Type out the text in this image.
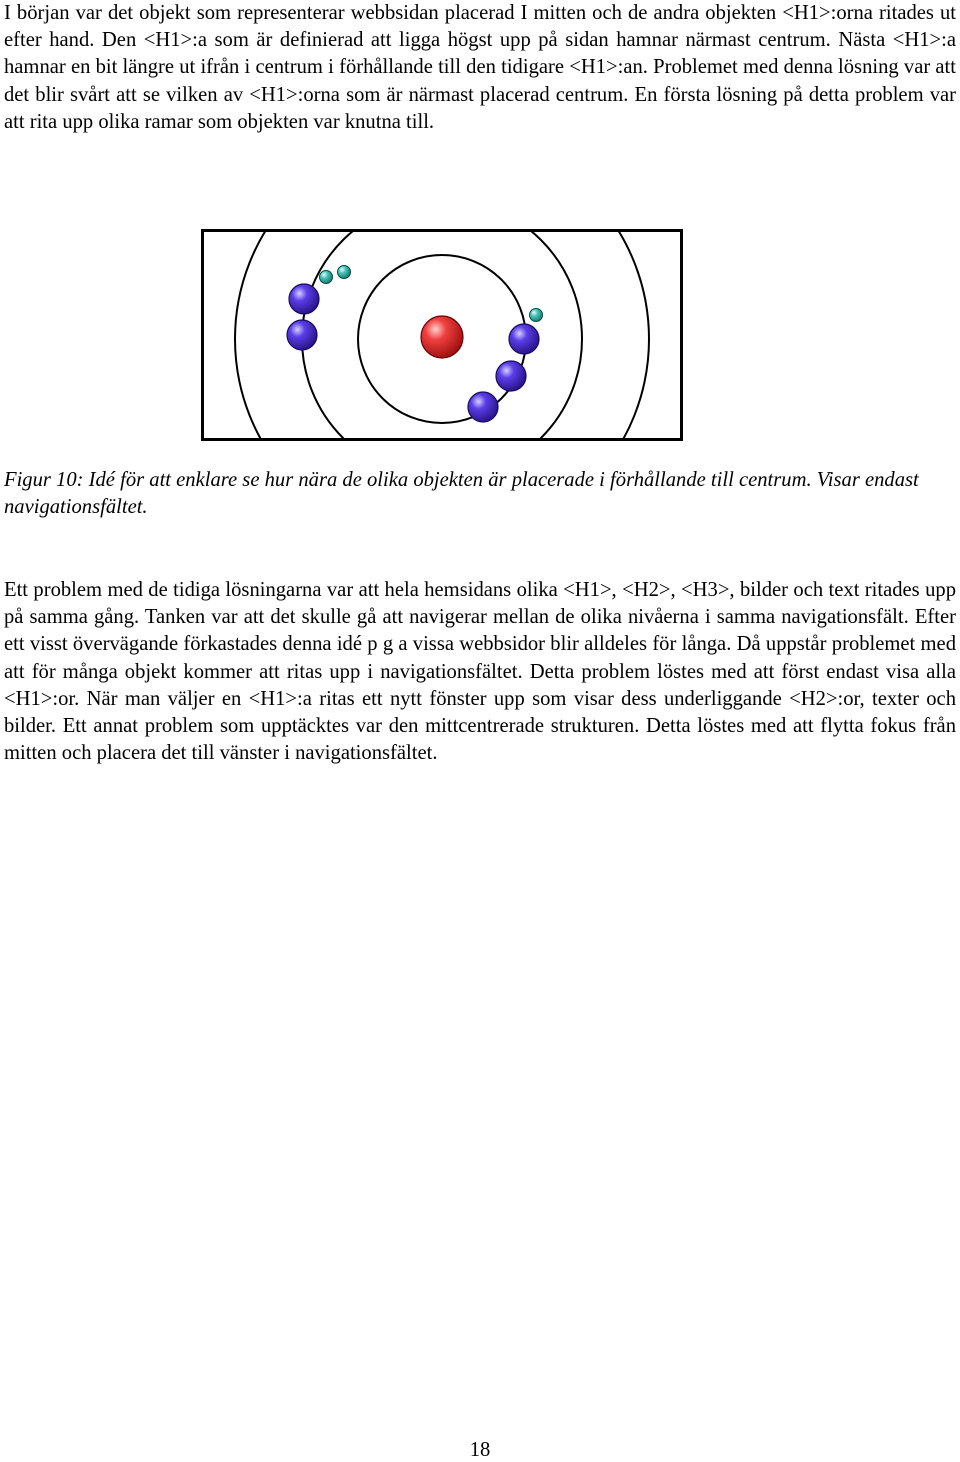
I början var det objekt som representerar webbsidan placerad I mitten och de andra objekten <H1>:orna ritades ut efter hand. Den <H1>:a som är definierad att ligga högst upp på sidan hamnar närmast centrum. Nästa <H1>:a hamnar en bit längre ut ifrån i centrum i förhållande till den tidigare <H1>:an. Problemet med denna lösning var att det blir svårt att se vilken av <H1>:orna som är närmast placerad centrum. En första lösning på detta problem var att rita upp olika ramar som objekten var knutna till.

Figur 10: Idé för att enklare se hur nära de olika objekten är placerade i förhållande till centrum. Visar endast navigationsfältet.

Ett problem med de tidiga lösningarna var att hela hemsidans olika <H1>, <H2>, <H3>, bilder och text ritades upp på samma gång. Tanken var att det skulle gå att navigerar mellan de olika nivåerna i samma navigationsfält. Efter ett visst övervägande förkastades denna idé p g a vissa webbsidor blir alldeles för långa. Då uppstår problemet med att för många objekt kommer att ritas upp i navigationsfältet. Detta problem löstes med att först endast visa alla <H1>:or. När man väljer en <H1>:a ritas ett nytt fönster upp som visar dess underliggande <H2>:or, texter och bilder. Ett annat problem som upptäcktes var den mittcentrerade strukturen. Detta löstes med att flytta fokus från mitten och placera det till vänster i navigationsfältet.

18
